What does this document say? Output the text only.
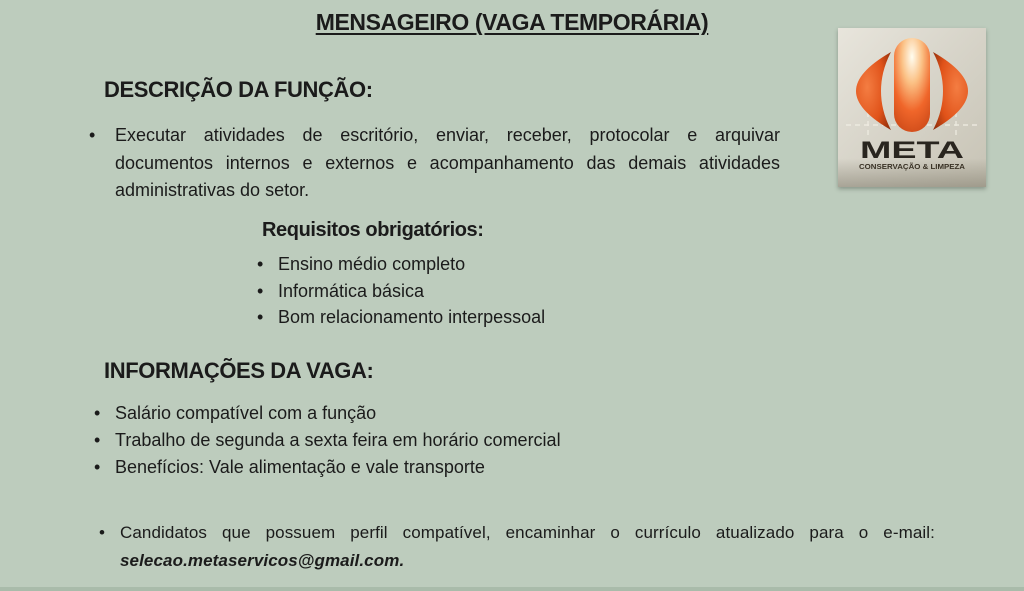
MENSAGEIRO (VAGA TEMPORÁRIA)
DESCRIÇÃO DA FUNÇÃO:
• Executar atividades de escritório, enviar, receber, protocolar e arquivar documentos internos e externos e acompanhamento das demais atividades administrativas do setor.
Requisitos obrigatórios:
• Ensino médio completo
• Informática básica
• Bom relacionamento interpessoal
INFORMAÇÕES DA VAGA:
• Salário compatível com a função
• Trabalho de segunda a sexta feira em horário comercial
• Benefícios: Vale alimentação e vale transporte
• Candidatos que possuem perfil compatível, encaminhar o currículo atualizado para o e-mail: selecao.metaservicos@gmail.com.
